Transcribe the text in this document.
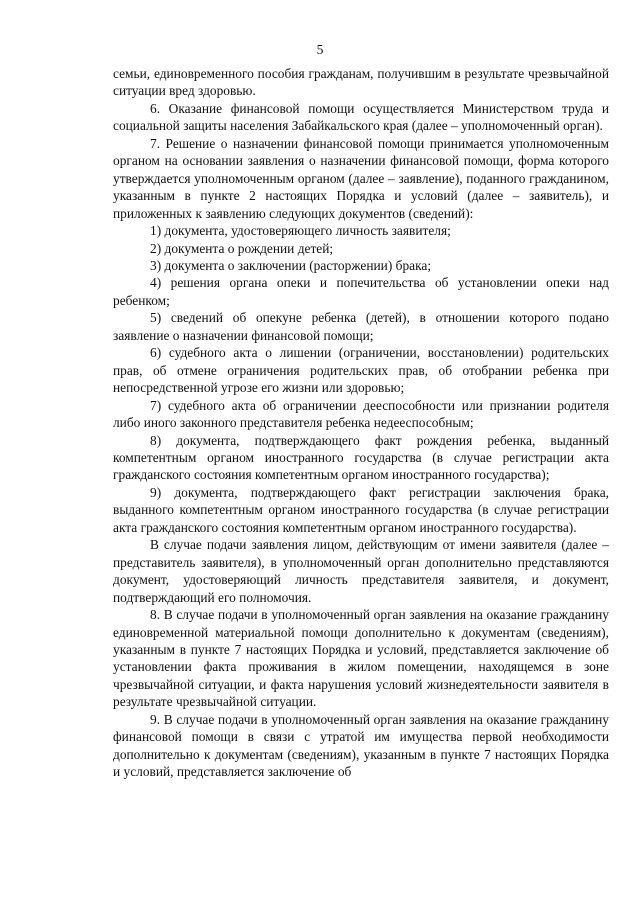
5

семьи, единовременного пособия гражданам, получившим в результате чрезвычайной ситуации вред здоровью.

6. Оказание финансовой помощи осуществляется Министерством труда и социальной защиты населения Забайкальского края (далее – уполномоченный орган).

7. Решение о назначении финансовой помощи принимается уполномоченным органом на основании заявления о назначении финансовой помощи, форма которого утверждается уполномоченным органом (далее – заявление), поданного гражданином, указанным в пункте 2 настоящих Порядка и условий (далее – заявитель), и приложенных к заявлению следующих документов (сведений):

1) документа, удостоверяющего личность заявителя;

2) документа о рождении детей;

3) документа о заключении (расторжении) брака;

4) решения органа опеки и попечительства об установлении опеки над ребенком;

5) сведений об опекуне ребенка (детей), в отношении которого подано заявление о назначении финансовой помощи;

6) судебного акта о лишении (ограничении, восстановлении) родительских прав, об отмене ограничения родительских прав, об отобрании ребенка при непосредственной угрозе его жизни или здоровью;

7) судебного акта об ограничении дееспособности или признании родителя либо иного законного представителя ребенка недееспособным;

8) документа, подтверждающего факт рождения ребенка, выданный компетентным органом иностранного государства (в случае регистрации акта гражданского состояния компетентным органом иностранного государства);

9) документа, подтверждающего факт регистрации заключения брака, выданного компетентным органом иностранного государства (в случае регистрации акта гражданского состояния компетентным органом иностранного государства).

В случае подачи заявления лицом, действующим от имени заявителя (далее – представитель заявителя), в уполномоченный орган дополнительно представляются документ, удостоверяющий личность представителя заявителя, и документ, подтверждающий его полномочия.

8. В случае подачи в уполномоченный орган заявления на оказание гражданину единовременной материальной помощи дополнительно к документам (сведениям), указанным в пункте 7 настоящих Порядка и условий, представляется заключение об установлении факта проживания в жилом помещении, находящемся в зоне чрезвычайной ситуации, и факта нарушения условий жизнедеятельности заявителя в результате чрезвычайной ситуации.

9. В случае подачи в уполномоченный орган заявления на оказание гражданину финансовой помощи в связи с утратой им имущества первой необходимости дополнительно к документам (сведениям), указанным в пункте 7 настоящих Порядка и условий, представляется заключение об
